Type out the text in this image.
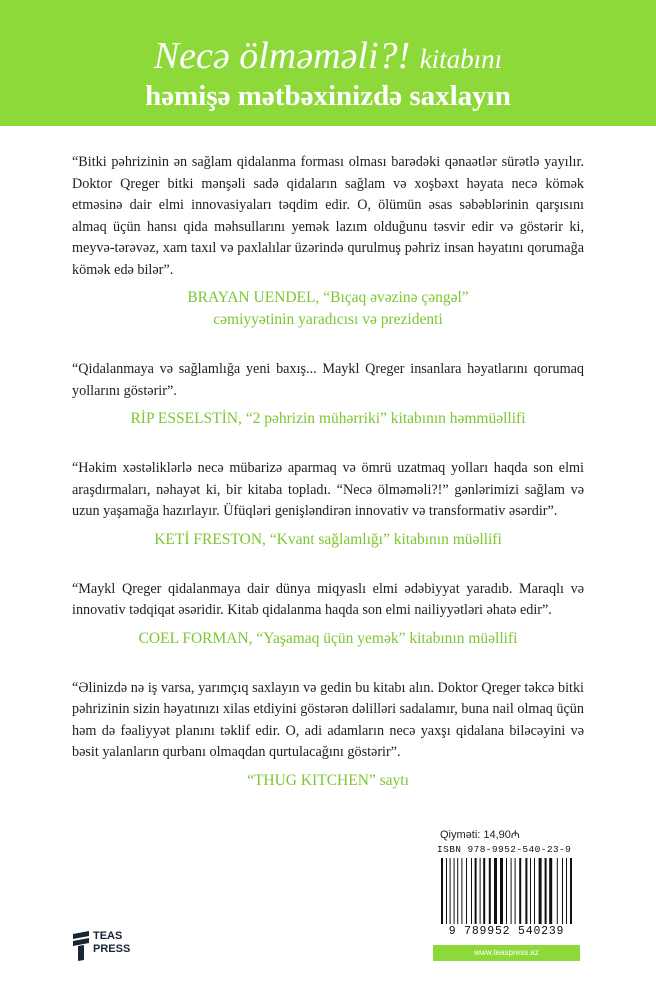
Necə ölməməli?! kitabını
həmişə mətbəxinizdə saxlayın

“Bitki pəhrizinin ən sağlam qidalanma forması olması barədəki qənaətlər sürətlə yayılır. Doktor Qreger bitki mənşəli sadə qidaların sağlam və xoşbəxt həyata necə kömək etməsinə dair elmi innovasiyaları təqdim edir. O, ölümün əsas səbəblərinin qarşısını almaq üçün hansı qida məhsullarını yemək lazım olduğunu təsvir edir və göstərir ki, meyvə-tərəvəz, xam taxıl və paxlalılar üzərində qurulmuş pəhriz insan həyatını qorumağa kömək edə bilər”.

BRAYAN UENDEL, “Bıçaq əvəzinə çəngəl”
cəmiyyətinin yaradıcısı və prezidenti

“Qidalanmaya və sağlamlığa yeni baxış... Maykl Qreger insanlara həyatlarını qorumaq yollarını göstərir”.

RİP ESSELSTİN, “2 pəhrizin mühərriki” kitabının həmmüəllifi

“Həkim xəstəliklərlə necə mübarizə aparmaq və ömrü uzatmaq yolları haqda son elmi araşdırmaları, nəhayət ki, bir kitaba topladı. “Necə ölməməli?!” gənlərimizi sağlam və uzun yaşamağa hazırlayır. Üfüqləri genişləndirən innovativ və transformativ əsərdir”.

KETİ FRESTON, “Kvant sağlamlığı” kitabının müəllifi

“Maykl Qreger qidalanmaya dair dünya miqyaslı elmi ədəbiyyat yaradıb. Maraqlı və innovativ tədqiqat əsəridir. Kitab qidalanma haqda son elmi nailiyyətləri əhatə edir”.

COEL FORMAN, “Yaşamaq üçün yemək” kitabının müəllifi

“Əlinizdə nə iş varsa, yarımçıq saxlayın və gedin bu kitabı alın. Doktor Qreger təkcə bitki pəhrizinin sizin həyatınızı xilas etdiyini göstərən dəlilləri sadalamır, buna nail olmaq üçün həm də fəaliyyət planını təklif edir. O, adi adamların necə yaxşı qidalana biləcəyini və bəsit yalanların qurbanı olmaqdan qurtulacağını göstərir”.

“THUG KITCHEN” saytı
TEAS
PRESS
Qiymətі: 14,90₼
ISBN 978-9952-540-23-9
9 789952 540239
www.teaspress.az
